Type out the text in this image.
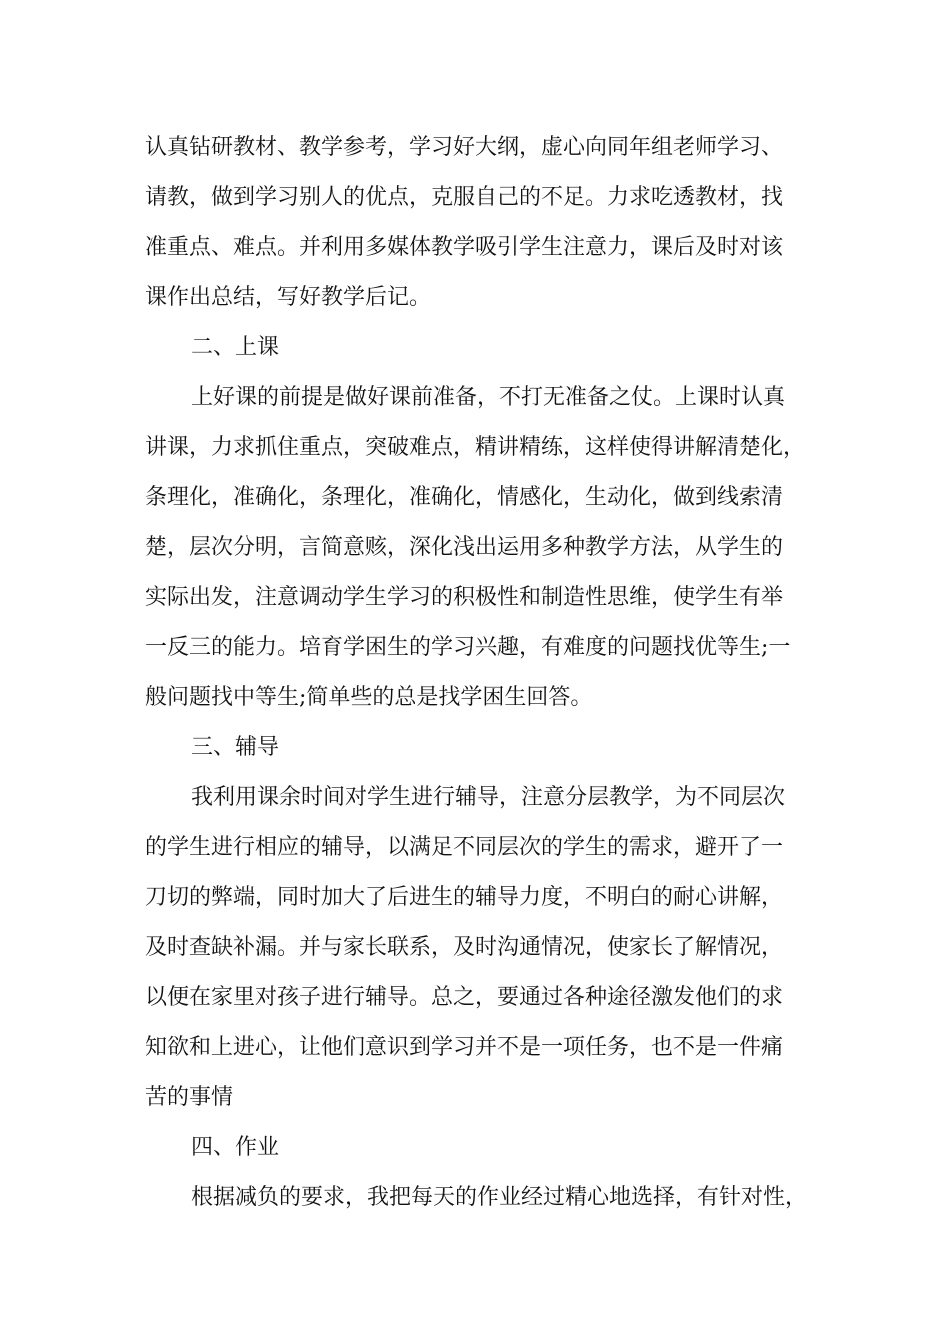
认真钻研教材、教学参考，学习好大纲，虚心向同年组老师学习、
请教，做到学习别人的优点，克服自己的不足。力求吃透教材，找
准重点、难点。并利用多媒体教学吸引学生注意力，课后及时对该
课作出总结，写好教学后记。
二、上课
上好课的前提是做好课前准备，不打无准备之仗。上课时认真
讲课，力求抓住重点，突破难点，精讲精练，这样使得讲解清楚化，
条理化，准确化，条理化，准确化，情感化，生动化，做到线索清
楚，层次分明，言简意赅，深化浅出运用多种教学方法，从学生的
实际出发，注意调动学生学习的积极性和制造性思维，使学生有举
一反三的能力。培育学困生的学习兴趣，有难度的问题找优等生;一
般问题找中等生;简单些的总是找学困生回答。
三、辅导
我利用课余时间对学生进行辅导，注意分层教学，为不同层次
的学生进行相应的辅导，以满足不同层次的学生的需求，避开了一
刀切的弊端，同时加大了后进生的辅导力度，不明白的耐心讲解，
及时查缺补漏。并与家长联系，及时沟通情况，使家长了解情况，
以便在家里对孩子进行辅导。总之，要通过各种途径激发他们的求
知欲和上进心，让他们意识到学习并不是一项任务，也不是一件痛
苦的事情
四、作业
根据减负的要求，我把每天的作业经过精心地选择，有针对性，
